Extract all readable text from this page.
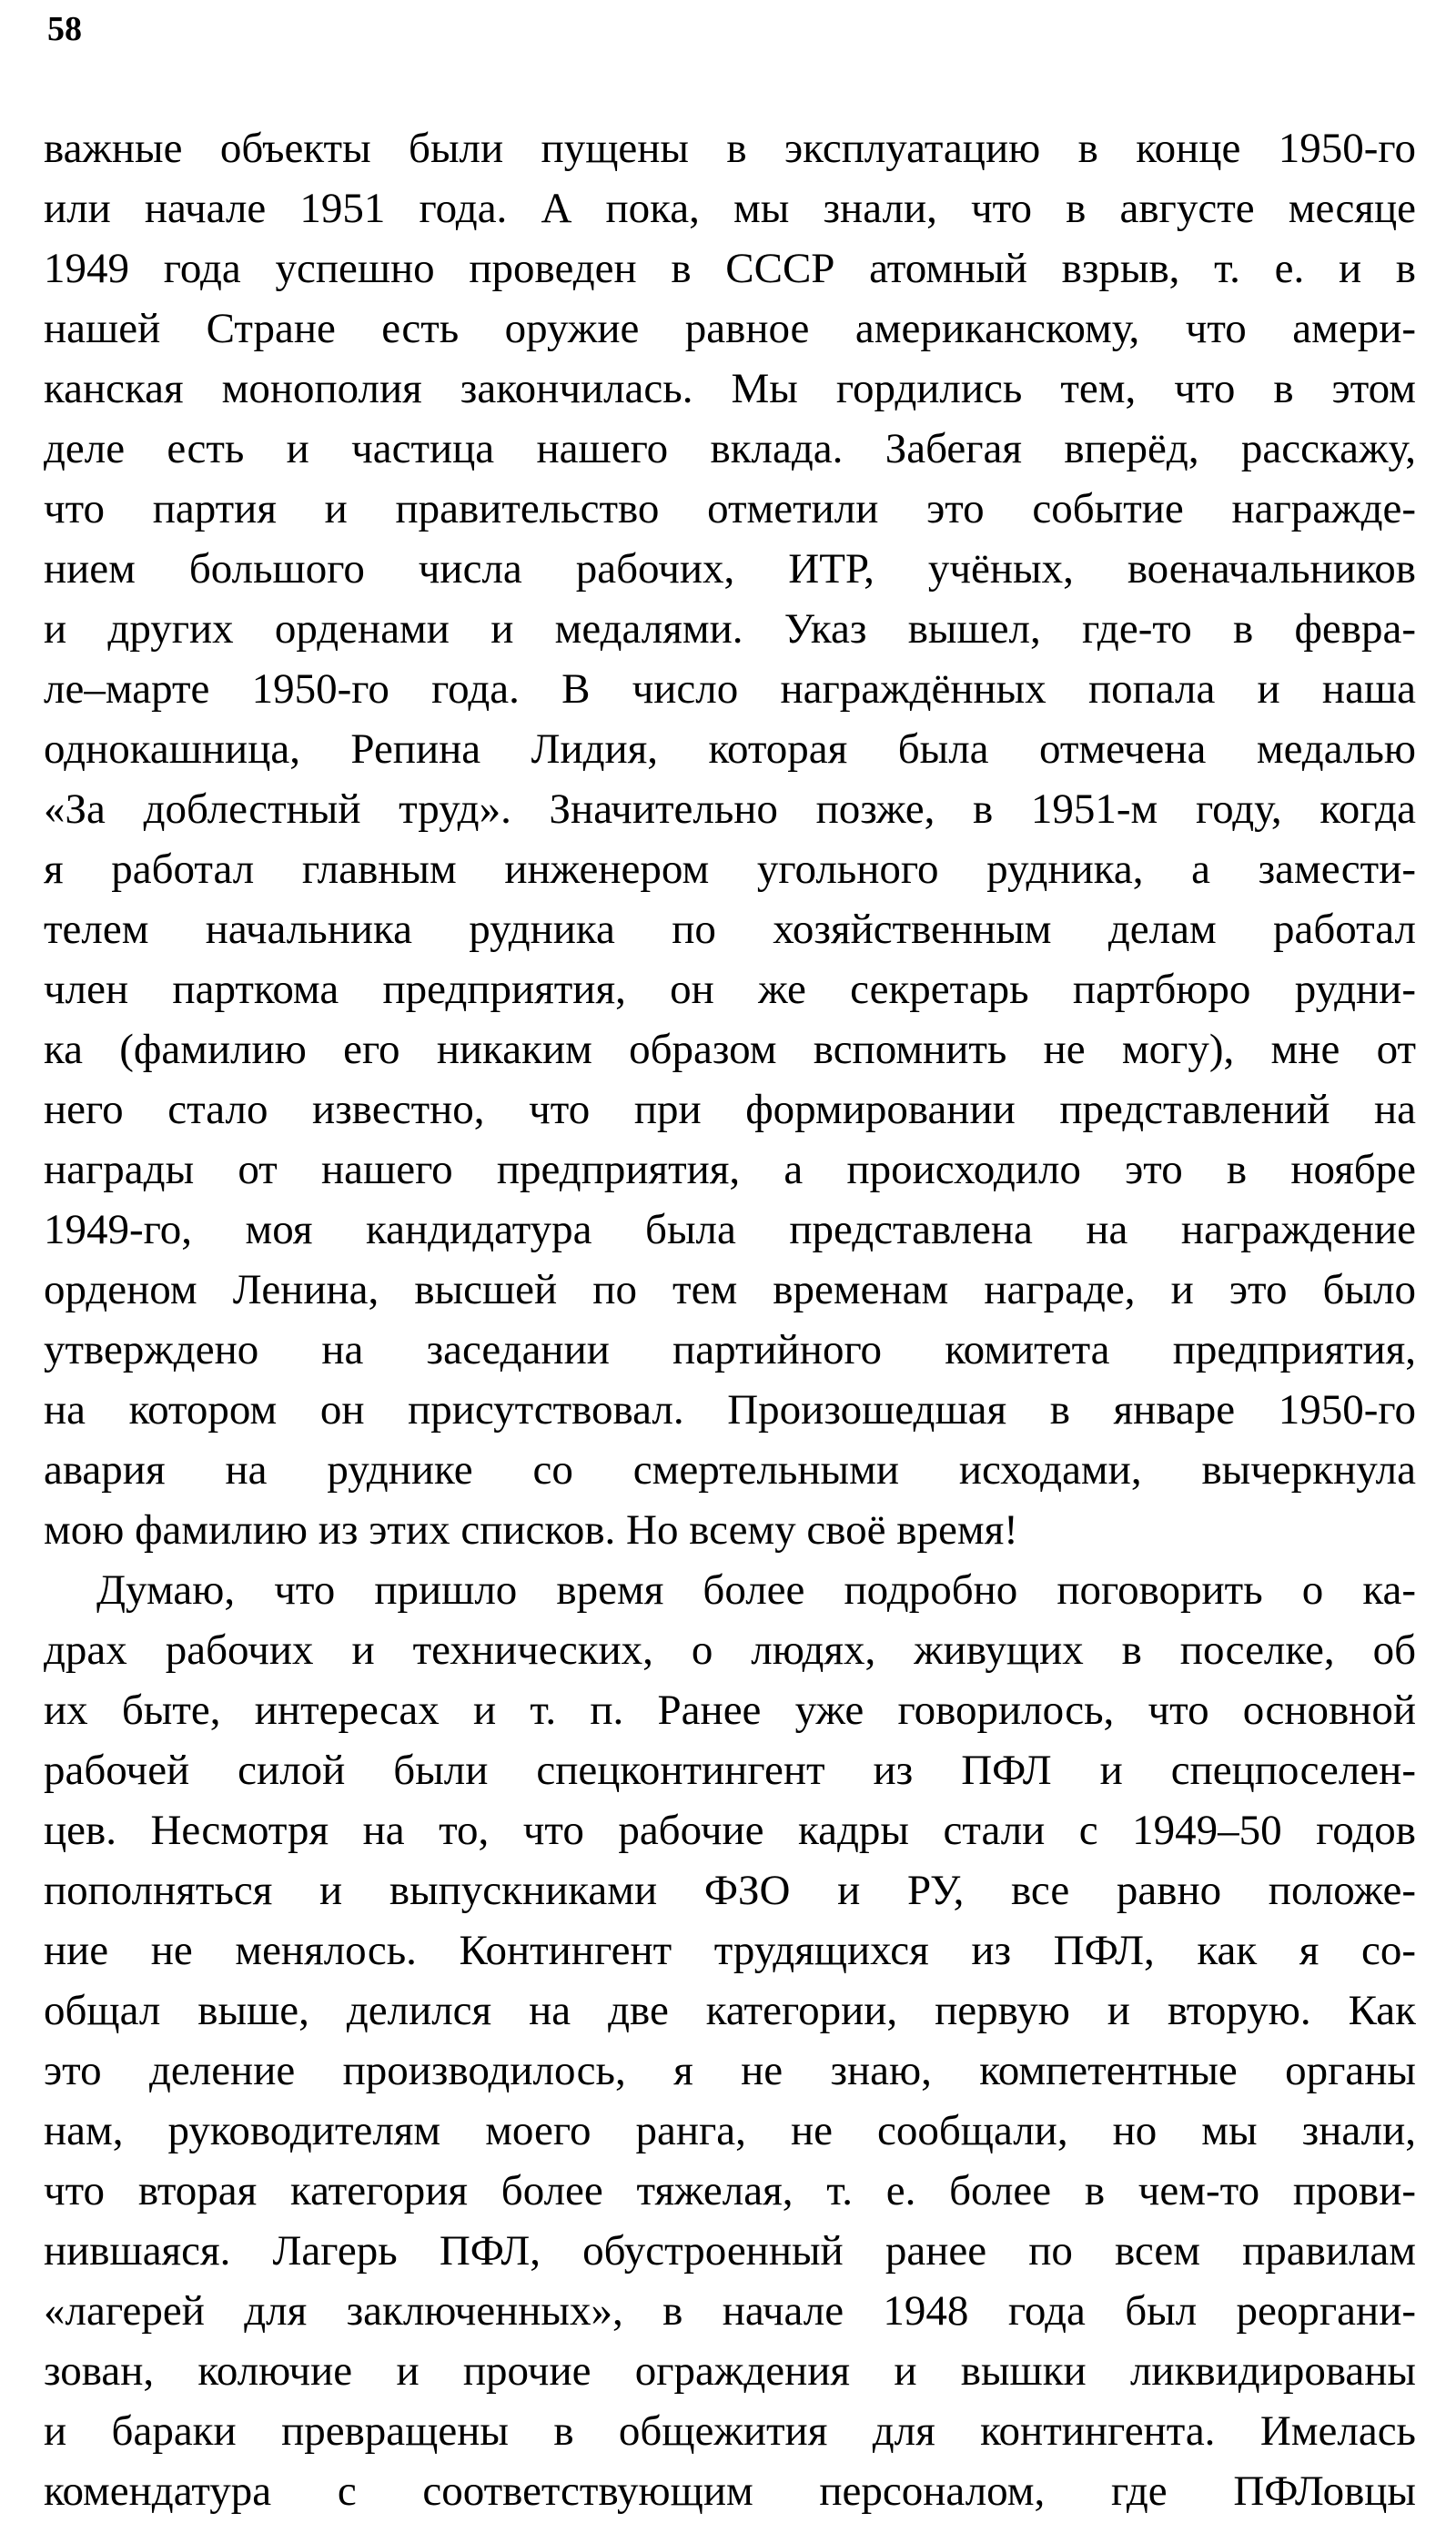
58
важные объекты были пущены в эксплуатацию в конце 1950-го
или начале 1951 года. А пока, мы знали, что в августе месяце
1949 года успешно проведен в СССР атомный взрыв, т. е. и в
нашей Стране есть оружие равное американскому, что амери-
канская монополия закончилась. Мы гордились тем, что в этом
деле есть и частица нашего вклада. Забегая вперёд, расскажу,
что партия и правительство отметили это событие награжде-
нием большого числа рабочих, ИТР, учёных, военачальников
и других орденами и медалями. Указ вышел, где-то в февра-
ле–марте 1950-го года. В число награждённых попала и наша
однокашница, Репина Лидия, которая была отмечена медалью
«За доблестный труд». Значительно позже, в 1951-м году, когда
я работал главным инженером угольного рудника, а замести-
телем начальника рудника по хозяйственным делам работал
член парткома предприятия, он же секретарь партбюро рудни-
ка (фамилию его никаким образом вспомнить не могу), мне от
него стало известно, что при формировании представлений на
награды от нашего предприятия, а происходило это в ноябре
1949-го, моя кандидатура была представлена на награждение
орденом Ленина, высшей по тем временам награде, и это было
утверждено на заседании партийного комитета предприятия,
на котором он присутствовал. Произошедшая в январе 1950-го
авария на руднике со смертельными исходами, вычеркнула
мою фамилию из этих списков. Но всему своё время!
Думаю, что пришло время более подробно поговорить о ка-
драх рабочих и технических, о людях, живущих в поселке, об
их быте, интересах и т. п. Ранее уже говорилось, что основной
рабочей силой были спецконтингент из ПФЛ и спецпоселен-
цев. Несмотря на то, что рабочие кадры стали с 1949–50 годов
пополняться и выпускниками ФЗО и РУ, все равно положе-
ние не менялось. Контингент трудящихся из ПФЛ, как я со-
общал выше, делился на две категории, первую и вторую. Как
это деление производилось, я не знаю, компетентные органы
нам, руководителям моего ранга, не сообщали, но мы знали,
что вторая категория более тяжелая, т. е. более в чем-то прови-
нившаяся. Лагерь ПФЛ, обустроенный ранее по всем правилам
«лагерей для заключенных», в начале 1948 года был реоргани-
зован, колючие и прочие ограждения и вышки ликвидированы
и бараки превращены в общежития для контингента. Имелась
комендатура с соответствующим персоналом, где ПФЛовцы
